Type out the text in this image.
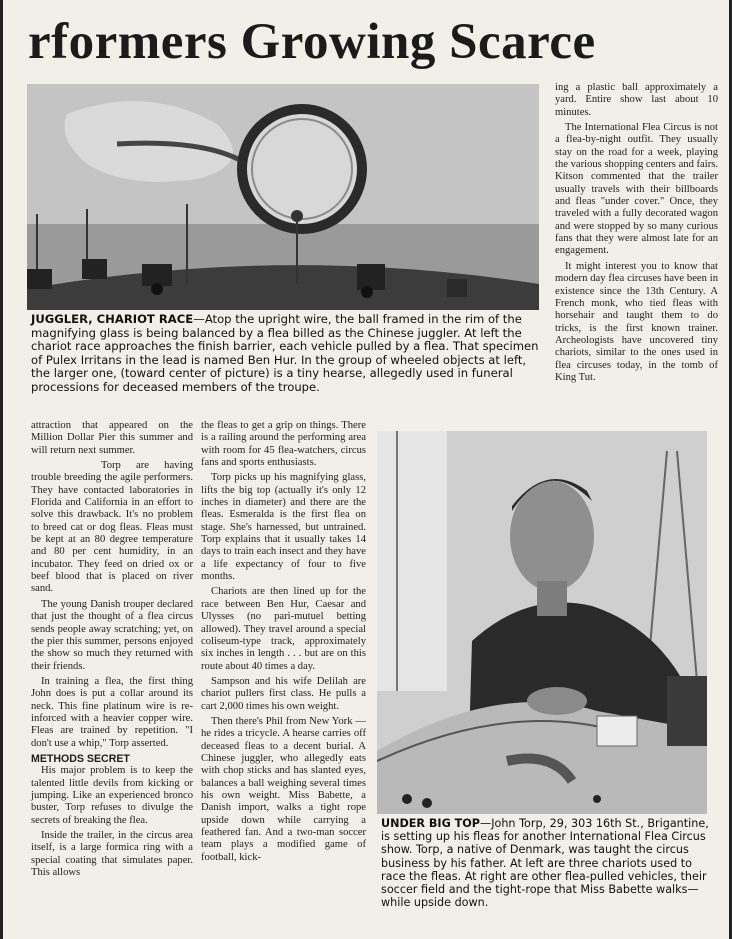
rformers Growing Scarce
JUGGLER, CHARIOT RACE—Atop the upright wire, the ball framed in the rim of the magnifying glass is being balanced by a flea billed as the Chinese juggler. At left the chariot race approaches the finish barrier, each vehicle pulled by a flea. That specimen of Pulex Irritans in the lead is named Ben Hur. In the group of wheeled objects at left, the larger one, (toward center of picture) is a tiny hearse, allegedly used in funeral processions for deceased members of the troupe.

attraction that appeared on the Million Dollar Pier this summer and will return next summer.

Torp are having trouble breeding the agile performers. They have contacted laboratories in Florida and California in an effort to solve this drawback. It's no problem to breed cat or dog fleas. Fleas must be kept at an 80 degree temperature and 80 per cent humidity, in an incubator. They feed on dried ox or beef blood that is placed on river sand.

The young Danish trouper declared that just the thought of a flea circus sends people away scratching; yet, on the pier this summer, persons enjoyed the show so much they returned with their friends.

In training a flea, the first thing John does is put a collar around its neck. This fine platinum wire is re-inforced with a heavier copper wire. Fleas are trained by repetition. "I don't use a whip," Torp asserted.

METHODS SECRET

His major problem is to keep the talented little devils from kicking or jumping. Like an experienced bronco buster, Torp refuses to divulge the secrets of breaking the flea.

Inside the trailer, in the circus area itself, is a large formica ring with a special coating that simulates paper. This allows

the fleas to get a grip on things. There is a railing around the performing area with room for 45 flea-watchers, circus fans and sports enthusiasts.

Torp picks up his magnifying glass, lifts the big top (actually it's only 12 inches in diameter) and there are the fleas. Esmeralda is the first flea on stage. She's harnessed, but untrained. Torp explains that it usually takes 14 days to train each insect and they have a life expectancy of four to five months.

Chariots are then lined up for the race between Ben Hur, Caesar and Ulysses (no pari-mutuel betting allowed). They travel around a special coliseum-type track, approximately six inches in length . . . but are on this route about 40 times a day.

Sampson and his wife Delilah are chariot pullers first class. He pulls a cart 2,000 times his own weight.

Then there's Phil from New York — he rides a tricycle. A hearse carries off deceased fleas to a decent burial. A Chinese juggler, who allegedly eats with chop sticks and has slanted eyes, balances a ball weighing several times his own weight. Miss Babette, a Danish import, walks a tight rope upside down while carrying a feathered fan. And a two-man soccer team plays a modified game of football, kick-

ing a plastic ball approximately a yard. Entire show last about 10 minutes.

The International Flea Circus is not a flea-by-night outfit. They usually stay on the road for a week, playing the various shopping centers and fairs. Kitson commented that the trailer usually travels with their billboards and fleas "under cover." Once, they traveled with a fully decorated wagon and were stopped by so many curious fans that they were almost late for an engagement.

It might interest you to know that modern day flea circuses have been in existence since the 13th Century. A French monk, who tied fleas with horsehair and taught them to do tricks, is the first known trainer. Archeologists have uncovered tiny chariots, similar to the ones used in flea circuses today, in the tomb of King Tut.

UNDER BIG TOP—John Torp, 29, 303 16th St., Brigantine, is setting up his fleas for another International Flea Circus show. Torp, a native of Denmark, was taught the circus business by his father. At left are three chariots used to race the fleas. At right are other flea-pulled vehicles, their soccer field and the tight-rope that Miss Babette walks—while upside down.
